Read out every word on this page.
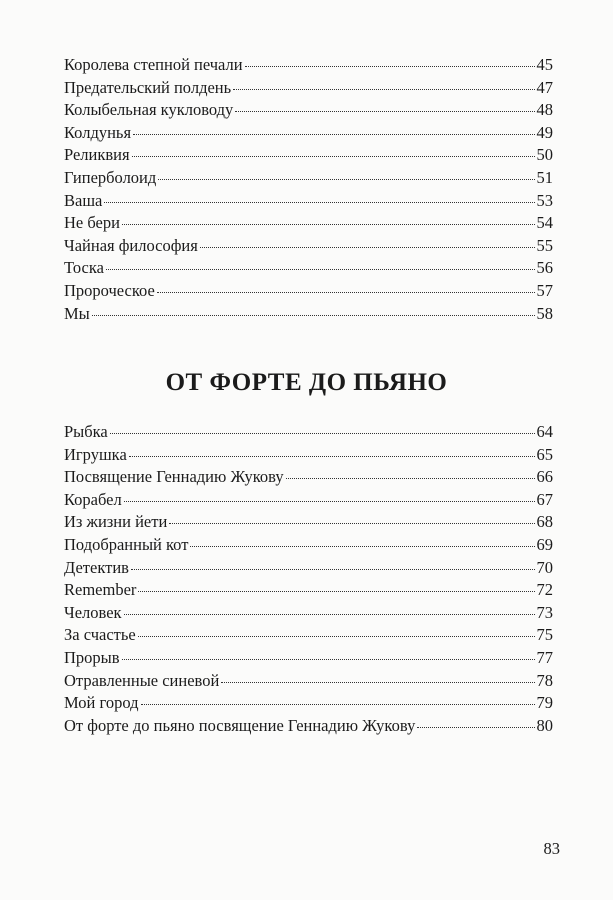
Королева степной печали	45
Предательский полдень	47
Колыбельная кукловоду	48
Колдунья	49
Реликвия	50
Гиперболоид	51
Ваша	53
Не бери	54
Чайная философия	55
Тоска	56
Пророческое	57
Мы	58
ОТ ФОРТЕ ДО ПЬЯНО
Рыбка	64
Игрушка	65
Посвящение Геннадию Жукову	66
Корабел	67
Из жизни йети	68
Подобранный кот	69
Детектив	70
Remember	72
Человек	73
За счастье	75
Прорыв	77
Отравленные синевой	78
Мой город	79
От форте до пьяно посвящение Геннадию Жукову	80
83
